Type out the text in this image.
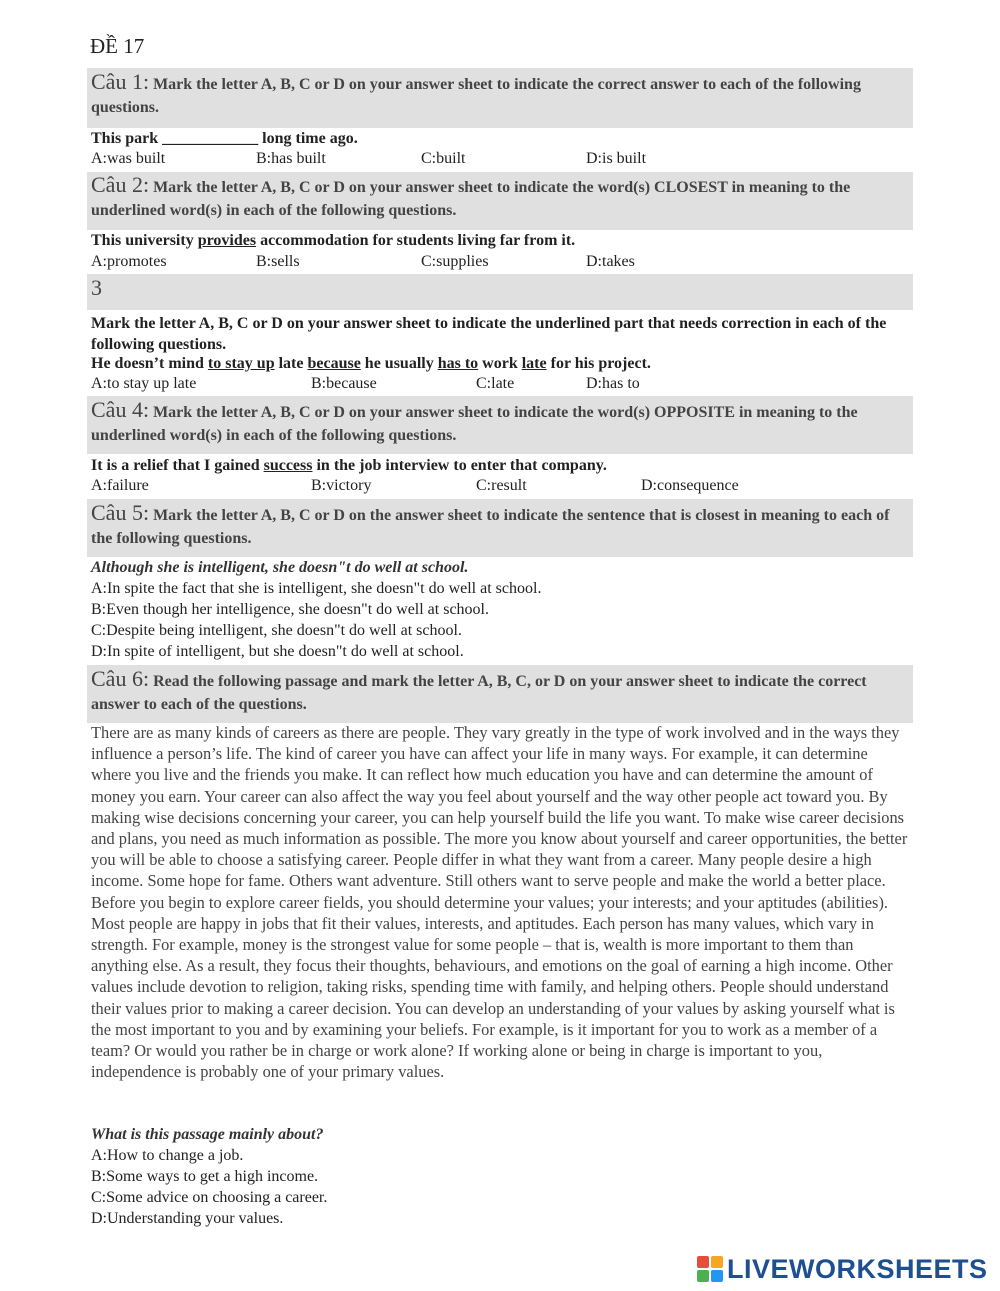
ĐỀ 17
Câu 1: Mark the letter A, B, C or D on your answer sheet to indicate the correct answer to each of the following questions.
This park ____________ long time ago.
A:was built	B:has built	C:built	D:is built
Câu 2: Mark the letter A, B, C or D on your answer sheet to indicate the word(s) CLOSEST in meaning to the underlined word(s) in each of the following questions.
This university provides accommodation for students living far from it.
A:promotes	B:sells	C:supplies	D:takes
3
Mark the letter A, B, C or D on your answer sheet to indicate the underlined part that needs correction in each of the following questions.
He doesn’t mind to stay up late because he usually has to work late for his project.
A:to stay up late	B:because	C:late	D:has to
Câu 4: Mark the letter A, B, C or D on your answer sheet to indicate the word(s) OPPOSITE in meaning to the underlined word(s) in each of the following questions.
It is a relief that I gained success in the job interview to enter that company.
A:failure	B:victory	C:result	D:consequence
Câu 5: Mark the letter A, B, C or D on the answer sheet to indicate the sentence that is closest in meaning to each of the following questions.
Although she is intelligent, she doesn"t do well at school.
A:In spite the fact that she is intelligent, she doesn"t do well at school.
B:Even though her intelligence, she doesn"t do well at school.
C:Despite being intelligent, she doesn"t do well at school.
D:In spite of intelligent, but she doesn"t do well at school.
Câu 6: Read the following passage and mark the letter A, B, C, or D on your answer sheet to indicate the correct answer to each of the questions.
There are as many kinds of careers as there are people. They vary greatly in the type of work involved and in the ways they influence a person’s life. The kind of career you have can affect your life in many ways. For example, it can determine where you live and the friends you make. It can reflect how much education you have and can determine the amount of money you earn. Your career can also affect the way you feel about yourself and the way other people act toward you. By making wise decisions concerning your career, you can help yourself build the life you want. To make wise career decisions and plans, you need as much information as possible. The more you know about yourself and career opportunities, the better you will be able to choose a satisfying career. People differ in what they want from a career. Many people desire a high income. Some hope for fame. Others want adventure. Still others want to serve people and make the world a better place. Before you begin to explore career fields, you should determine your values; your interests; and your aptitudes (abilities). Most people are happy in jobs that fit their values, interests, and aptitudes. Each person has many values, which vary in strength. For example, money is the strongest value for some people – that is, wealth is more important to them than anything else. As a result, they focus their thoughts, behaviours, and emotions on the goal of earning a high income. Other values include devotion to religion, taking risks, spending time with family, and helping others. People should understand their values prior to making a career decision. You can develop an understanding of your values by asking yourself what is the most important to you and by examining your beliefs. For example, is it important for you to work as a member of a team? Or would you rather be in charge or work alone? If working alone or being in charge is important to you, independence is probably one of your primary values.
What is this passage mainly about?
A:How to change a job.
B:Some ways to get a high income.
C:Some advice on choosing a career.
D:Understanding your values.
LIVEWORKSHEETS
